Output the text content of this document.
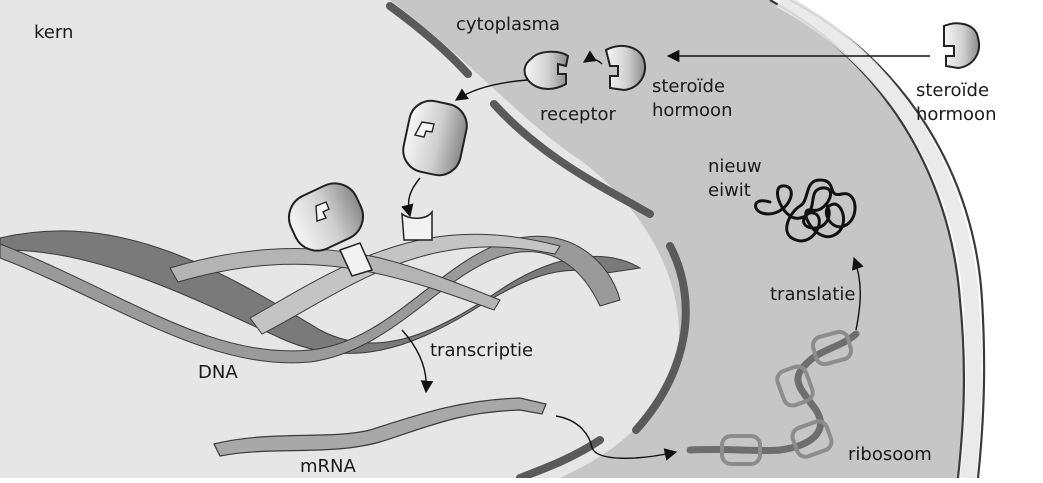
kern	cytoplasma
receptor
steroïde
hormoon
steroïde
hormoon
nieuw
eiwit
translatie
transcriptie
DNA
mRNA
ribosoom
